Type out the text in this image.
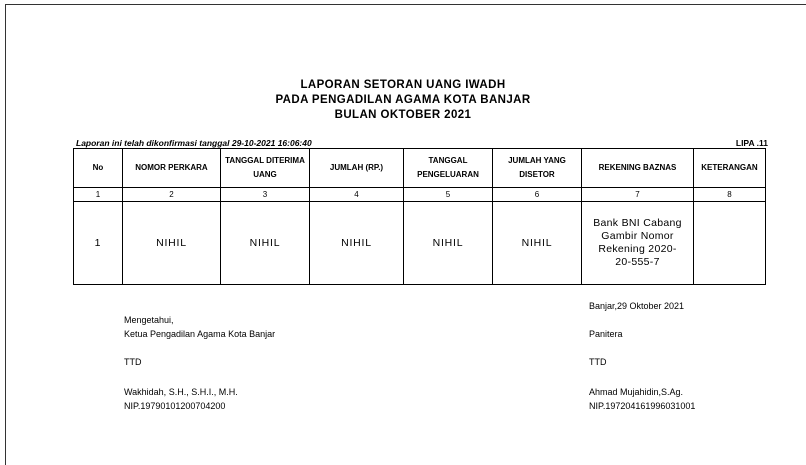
LAPORAN SETORAN UANG IWADH
PADA PENGADILAN AGAMA KOTA BANJAR
BULAN OKTOBER 2021
Laporan ini telah dikonfirmasi tanggal 29-10-2021 16:06:40	LIPA .11
No	NOMOR PERKARA	TANGGAL DITERIMA UANG	JUMLAH (RP.)	TANGGAL PENGELUARAN	JUMLAH YANG DISETOR	REKENING BAZNAS	KETERANGAN
1	2	3	4	5	6	7	8
1	NIHIL	NIHIL	NIHIL	NIHIL	NIHIL	Bank BNI Cabang Gambir Nomor Rekening 2020-20-555-7	
Mengetahui,
Ketua Pengadilan Agama Kota Banjar
TTD
Wakhidah, S.H., S.H.I., M.H.
NIP.19790101200704200
Banjar,29 Oktober 2021
Panitera
TTD
Ahmad Mujahidin,S.Ag.
NIP.197204161996031001
